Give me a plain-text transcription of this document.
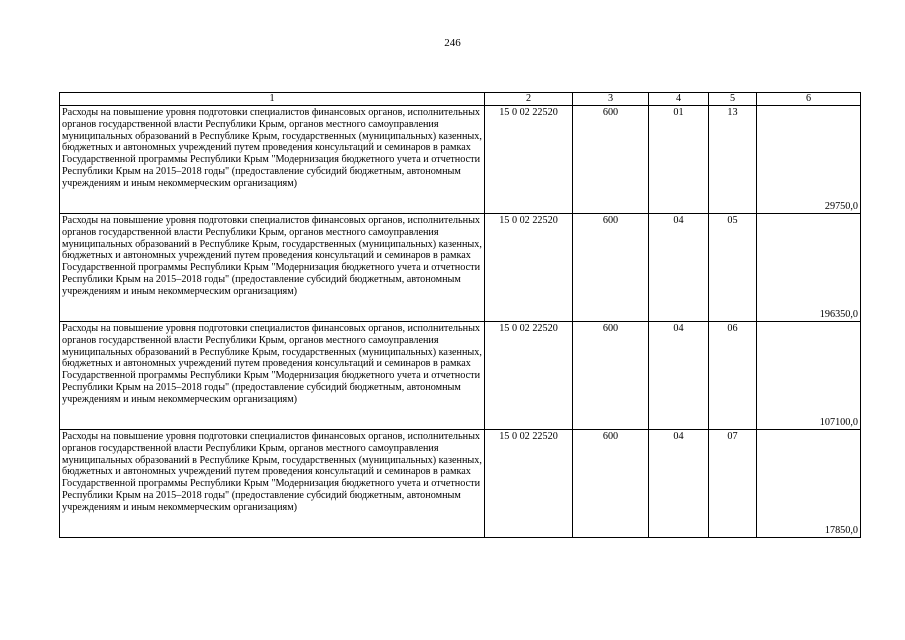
246
1	2	3	4	5	6
Расходы на повышение уровня подготовки специалистов финансовых органов, исполнительных органов государственной власти Республики Крым, органов местного самоуправления муниципальных образований в Республике Крым, государственных (муниципальных) казенных, бюджетных и автономных учреждений путем проведения консультаций и семинаров в рамках Государственной программы Республики Крым "Модернизация бюджетного учета и отчетности Республики Крым на 2015–2018 годы" (предоставление субсидий бюджетным, автономным учреждениям и иным некоммерческим организациям)	15 0 02 22520	600	01	13	29750,0
Расходы на повышение уровня подготовки специалистов финансовых органов, исполнительных органов государственной власти Республики Крым, органов местного самоуправления муниципальных образований в Республике Крым, государственных (муниципальных) казенных, бюджетных и автономных учреждений путем проведения консультаций и семинаров в рамках Государственной программы Республики Крым "Модернизация бюджетного учета и отчетности Республики Крым на 2015–2018 годы" (предоставление субсидий бюджетным, автономным учреждениям и иным некоммерческим организациям)	15 0 02 22520	600	04	05	196350,0
Расходы на повышение уровня подготовки специалистов финансовых органов, исполнительных органов государственной власти Республики Крым, органов местного самоуправления муниципальных образований в Республике Крым, государственных (муниципальных) казенных, бюджетных и автономных учреждений путем проведения консультаций и семинаров в рамках Государственной программы Республики Крым "Модернизация бюджетного учета и отчетности Республики Крым на 2015–2018 годы" (предоставление субсидий бюджетным, автономным учреждениям и иным некоммерческим организациям)	15 0 02 22520	600	04	06	107100,0
Расходы на повышение уровня подготовки специалистов финансовых органов, исполнительных органов государственной власти Республики Крым, органов местного самоуправления муниципальных образований в Республике Крым, государственных (муниципальных) казенных, бюджетных и автономных учреждений путем проведения консультаций и семинаров в рамках Государственной программы Республики Крым "Модернизация бюджетного учета и отчетности Республики Крым на 2015–2018 годы" (предоставление субсидий бюджетным, автономным учреждениям и иным некоммерческим организациям)	15 0 02 22520	600	04	07	17850,0
